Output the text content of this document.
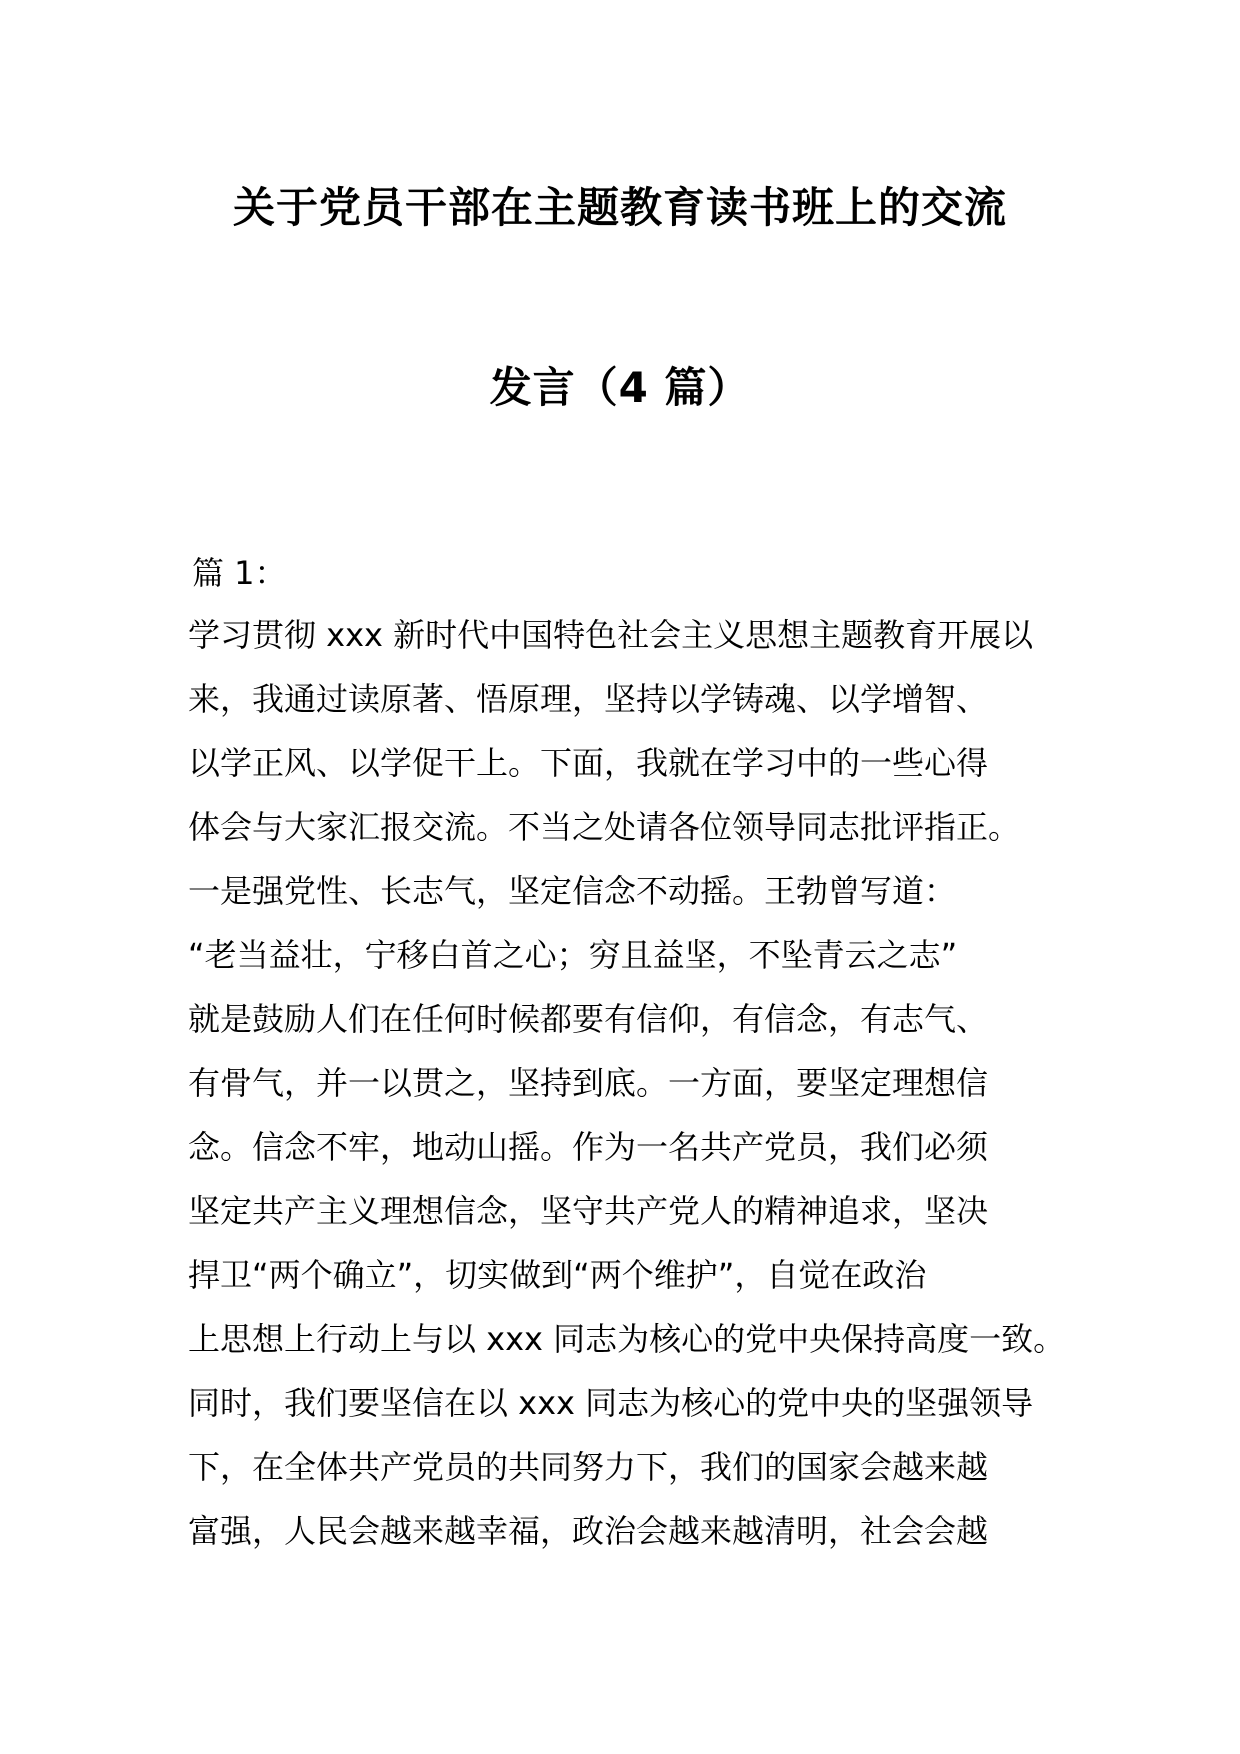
关于党员干部在主题教育读书班上的交流
发言（4 篇）
篇 1：
学习贯彻 xxx 新时代中国特色社会主义思想主题教育开展以
来，我通过读原著、悟原理，坚持以学铸魂、以学增智、
以学正风、以学促干上。下面，我就在学习中的一些心得
体会与大家汇报交流。不当之处请各位领导同志批评指正。
一是强党性、长志气，坚定信念不动摇。王勃曾写道：
“老当益壮，宁移白首之心；穷且益坚，不坠青云之志”
就是鼓励人们在任何时候都要有信仰，有信念，有志气、
有骨气，并一以贯之，坚持到底。一方面，要坚定理想信
念。信念不牢，地动山摇。作为一名共产党员，我们必须
坚定共产主义理想信念，坚守共产党人的精神追求，坚决
捍卫“两个确立”，切实做到“两个维护”，自觉在政治
上思想上行动上与以 xxx 同志为核心的党中央保持高度一致。
同时，我们要坚信在以 xxx 同志为核心的党中央的坚强领导
下，在全体共产党员的共同努力下，我们的国家会越来越
富强，人民会越来越幸福，政治会越来越清明，社会会越
